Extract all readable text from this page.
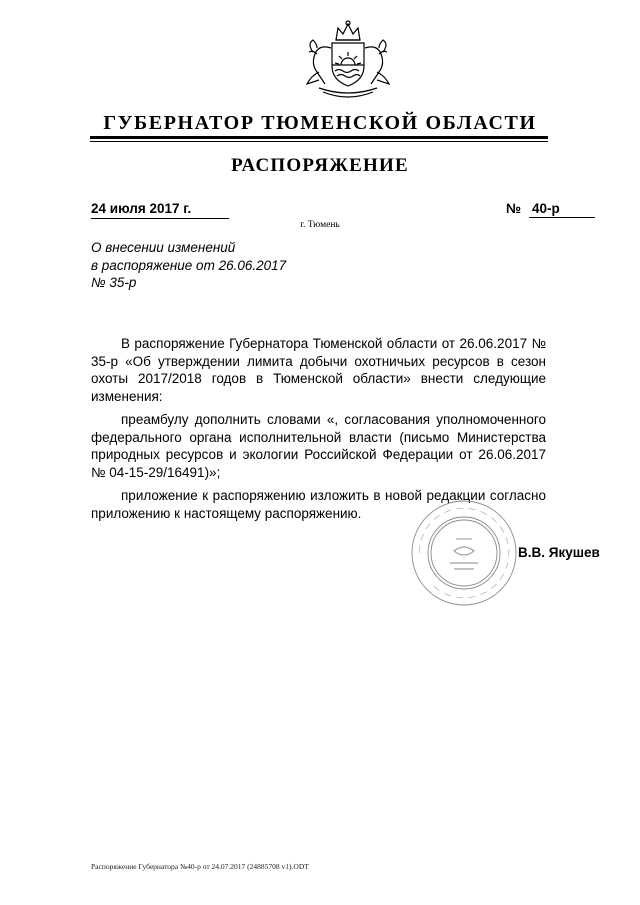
ГУБЕРНАТОР ТЮМЕНСКОЙ ОБЛАСТИ
РАСПОРЯЖЕНИЕ
24 июля 2017 г.	№ 40-р
г. Тюмень

О внесении изменений
в распоряжение от 26.06.2017
№ 35-р

В распоряжение Губернатора Тюменской области от 26.06.2017 № 35-р «Об утверждении лимита добычи охотничьих ресурсов в сезон охоты 2017/2018 годов в Тюменской области» внести следующие изменения:

преамбулу дополнить словами «, согласования уполномоченного федерального органа исполнительной власти (письмо Министерства природных ресурсов и экологии Российской Федерации от 26.06.2017 № 04-15-29/16491)»;

приложение к распоряжению изложить в новой редакции согласно приложению к настоящему распоряжению.

— — — — — — — — — — — — — — — — — — — —
В.В. Якушев
Распоряжение Губернатора №40-р от 24.07.2017 (24885708 v1).ODT
